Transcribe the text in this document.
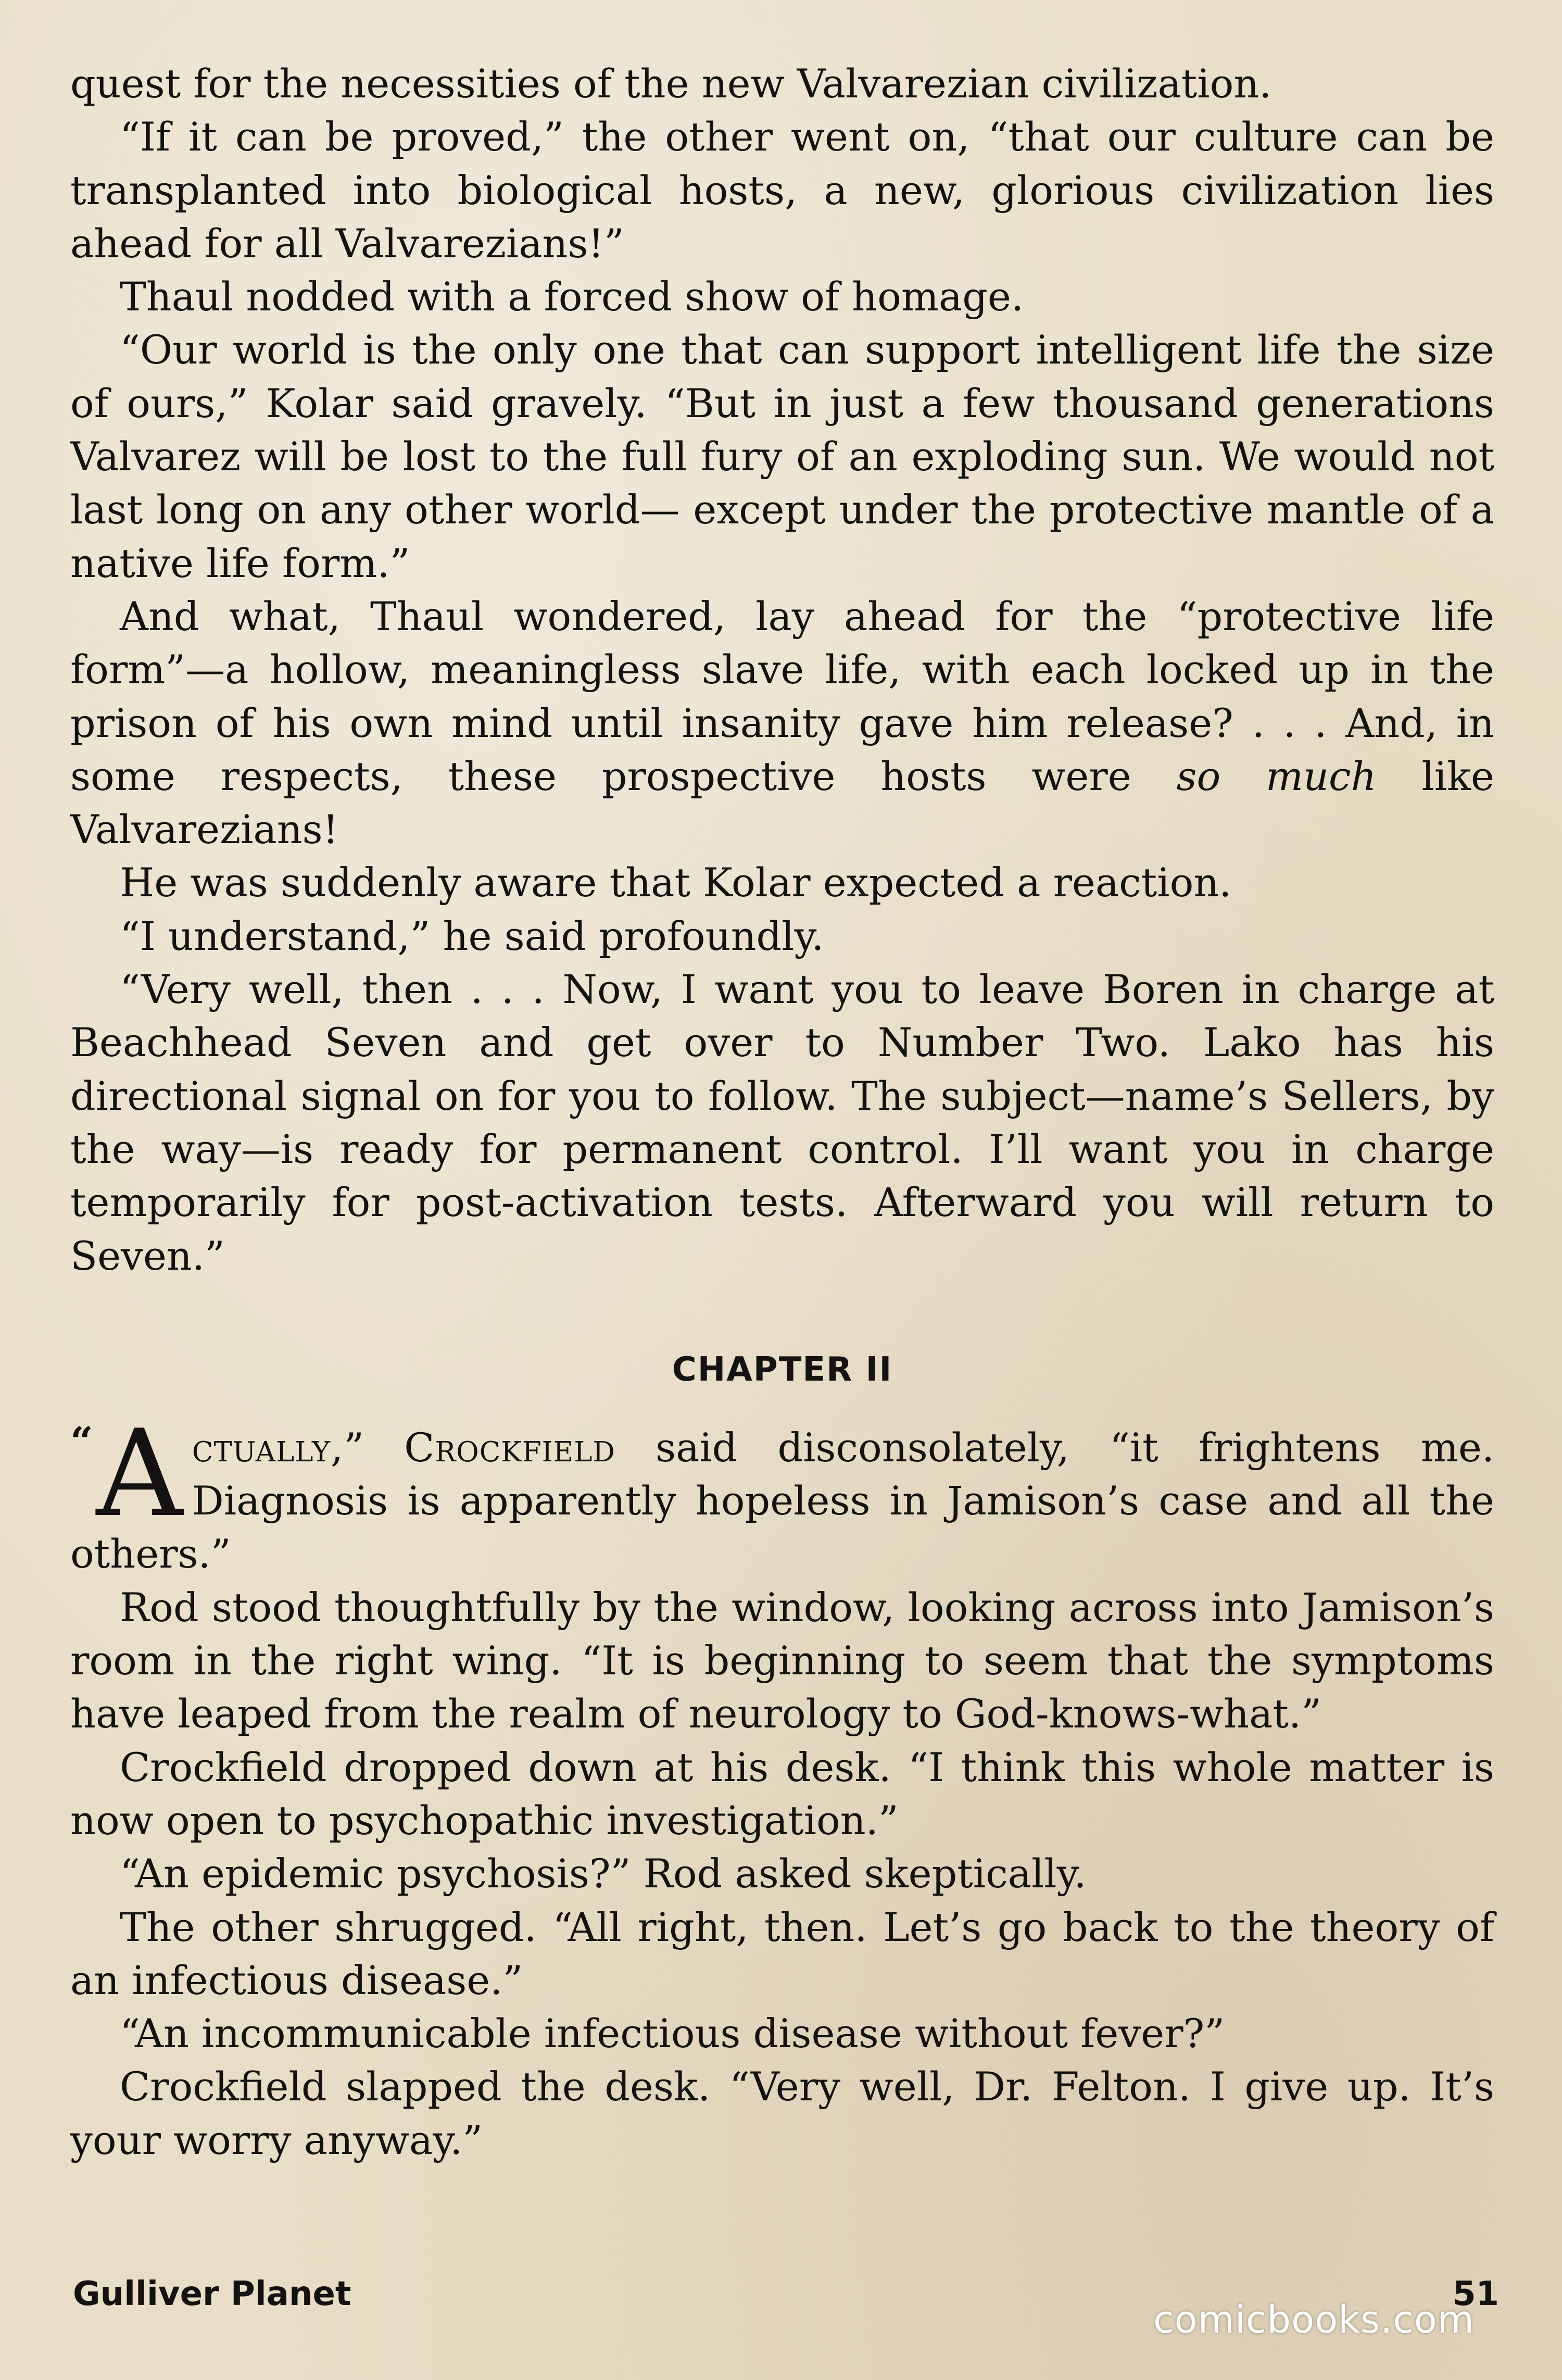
quest for the necessities of the new Valvarezian civilization.

“If it can be proved,” the other went on, “that our culture can be transplanted into biological hosts, a new, glorious civilization lies ahead for all Valvarezians!”

Thaul nodded with a forced show of homage.

“Our world is the only one that can support intelligent life the size of ours,” Kolar said gravely. “But in just a few thousand generations Valvarez will be lost to the full fury of an exploding sun. We would not last long on any other world— except under the protective mantle of a native life form.”

And what, Thaul wondered, lay ahead for the “protective life form”—a hollow, meaningless slave life, with each locked up in the prison of his own mind until insanity gave him release? . . . And, in some respects, these prospective hosts were so much like Valvarezians!

He was suddenly aware that Kolar expected a reaction.

“I understand,” he said profoundly.

“Very well, then . . . Now, I want you to leave Boren in charge at Beachhead Seven and get over to Number Two. Lako has his directional signal on for you to follow. The subject—name’s Sellers, by the way—is ready for permanent control. I’ll want you in charge temporarily for post-activation tests. Afterward you will return to Seven.”

CHAPTER II

“ A ctually,” Crockfield said disconsolately, “it frightens me. Diagnosis is apparently hopeless in Jamison’s case and all the others.”

Rod stood thoughtfully by the window, looking across into Jamison’s room in the right wing. “It is beginning to seem that the symptoms have leaped from the realm of neurology to God-knows-what.”

Crockfield dropped down at his desk. “I think this whole matter is now open to psychopathic investigation.”

“An epidemic psychosis?” Rod asked skeptically.

The other shrugged. “All right, then. Let’s go back to the theory of an infectious disease.”

“An incommunicable infectious disease without fever?”

Crockfield slapped the desk. “Very well, Dr. Felton. I give up. It’s your worry anyway.”

Gulliver Planet	51
comicbooks.com
